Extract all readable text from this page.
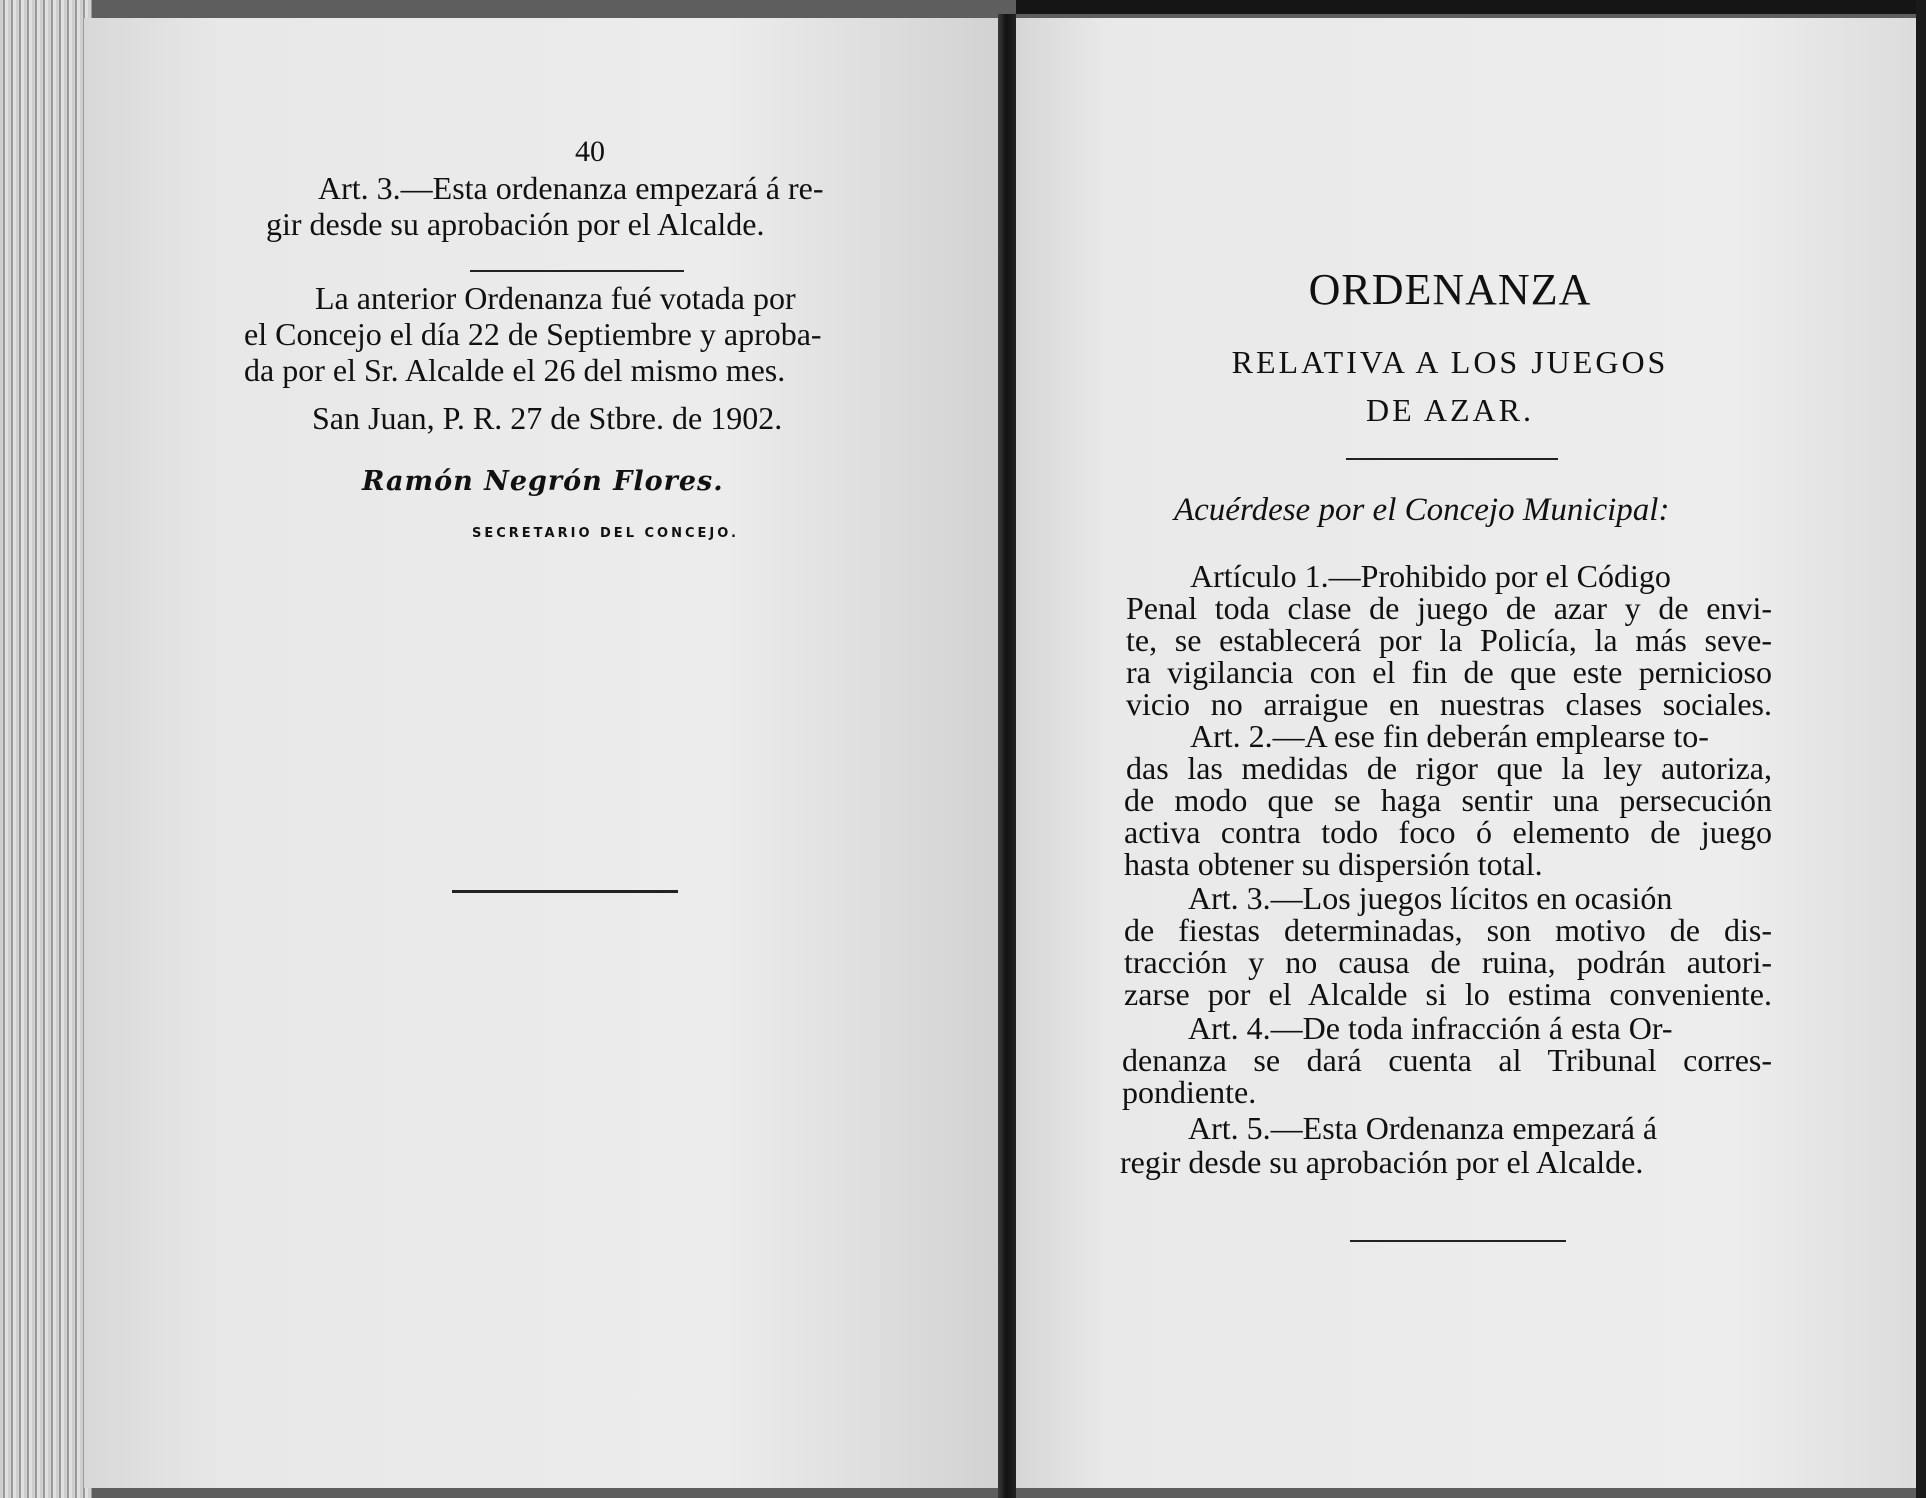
40
Art. 3.—Esta ordenanza empezará á re-
gir desde su aprobación por el Alcalde.
La anterior Ordenanza fué votada por
el Concejo el día 22 de Septiembre y aproba-
da por el Sr. Alcalde el 26 del mismo mes.
San Juan, P. R. 27 de Stbre. de 1902.
Ramón Negrón Flores.
SECRETARIO DEL CONCEJO.
ORDENANZA
RELATIVA A LOS JUEGOS
DE AZAR.
Acuérdese por el Concejo Municipal:
Artículo 1.—Prohibido por el Código
Penal toda clase de juego de azar y de envi-
te, se establecerá por la Policía, la más seve-
ra vigilancia con el fin de que este pernicioso
vicio no arraigue en nuestras clases sociales.
Art. 2.—A ese fin deberán emplearse to-
das las medidas de rigor que la ley autoriza,
de modo que se haga sentir una persecución
activa contra todo foco ó elemento de juego
hasta obtener su dispersión total.
Art. 3.—Los juegos lícitos en ocasión
de fiestas determinadas, son motivo de dis-
tracción y no causa de ruina, podrán autori-
zarse por el Alcalde si lo estima conveniente.
Art. 4.—De toda infracción á esta Or-
denanza se dará cuenta al Tribunal corres-
pondiente.
Art. 5.—Esta Ordenanza empezará á
regir desde su aprobación por el Alcalde.
